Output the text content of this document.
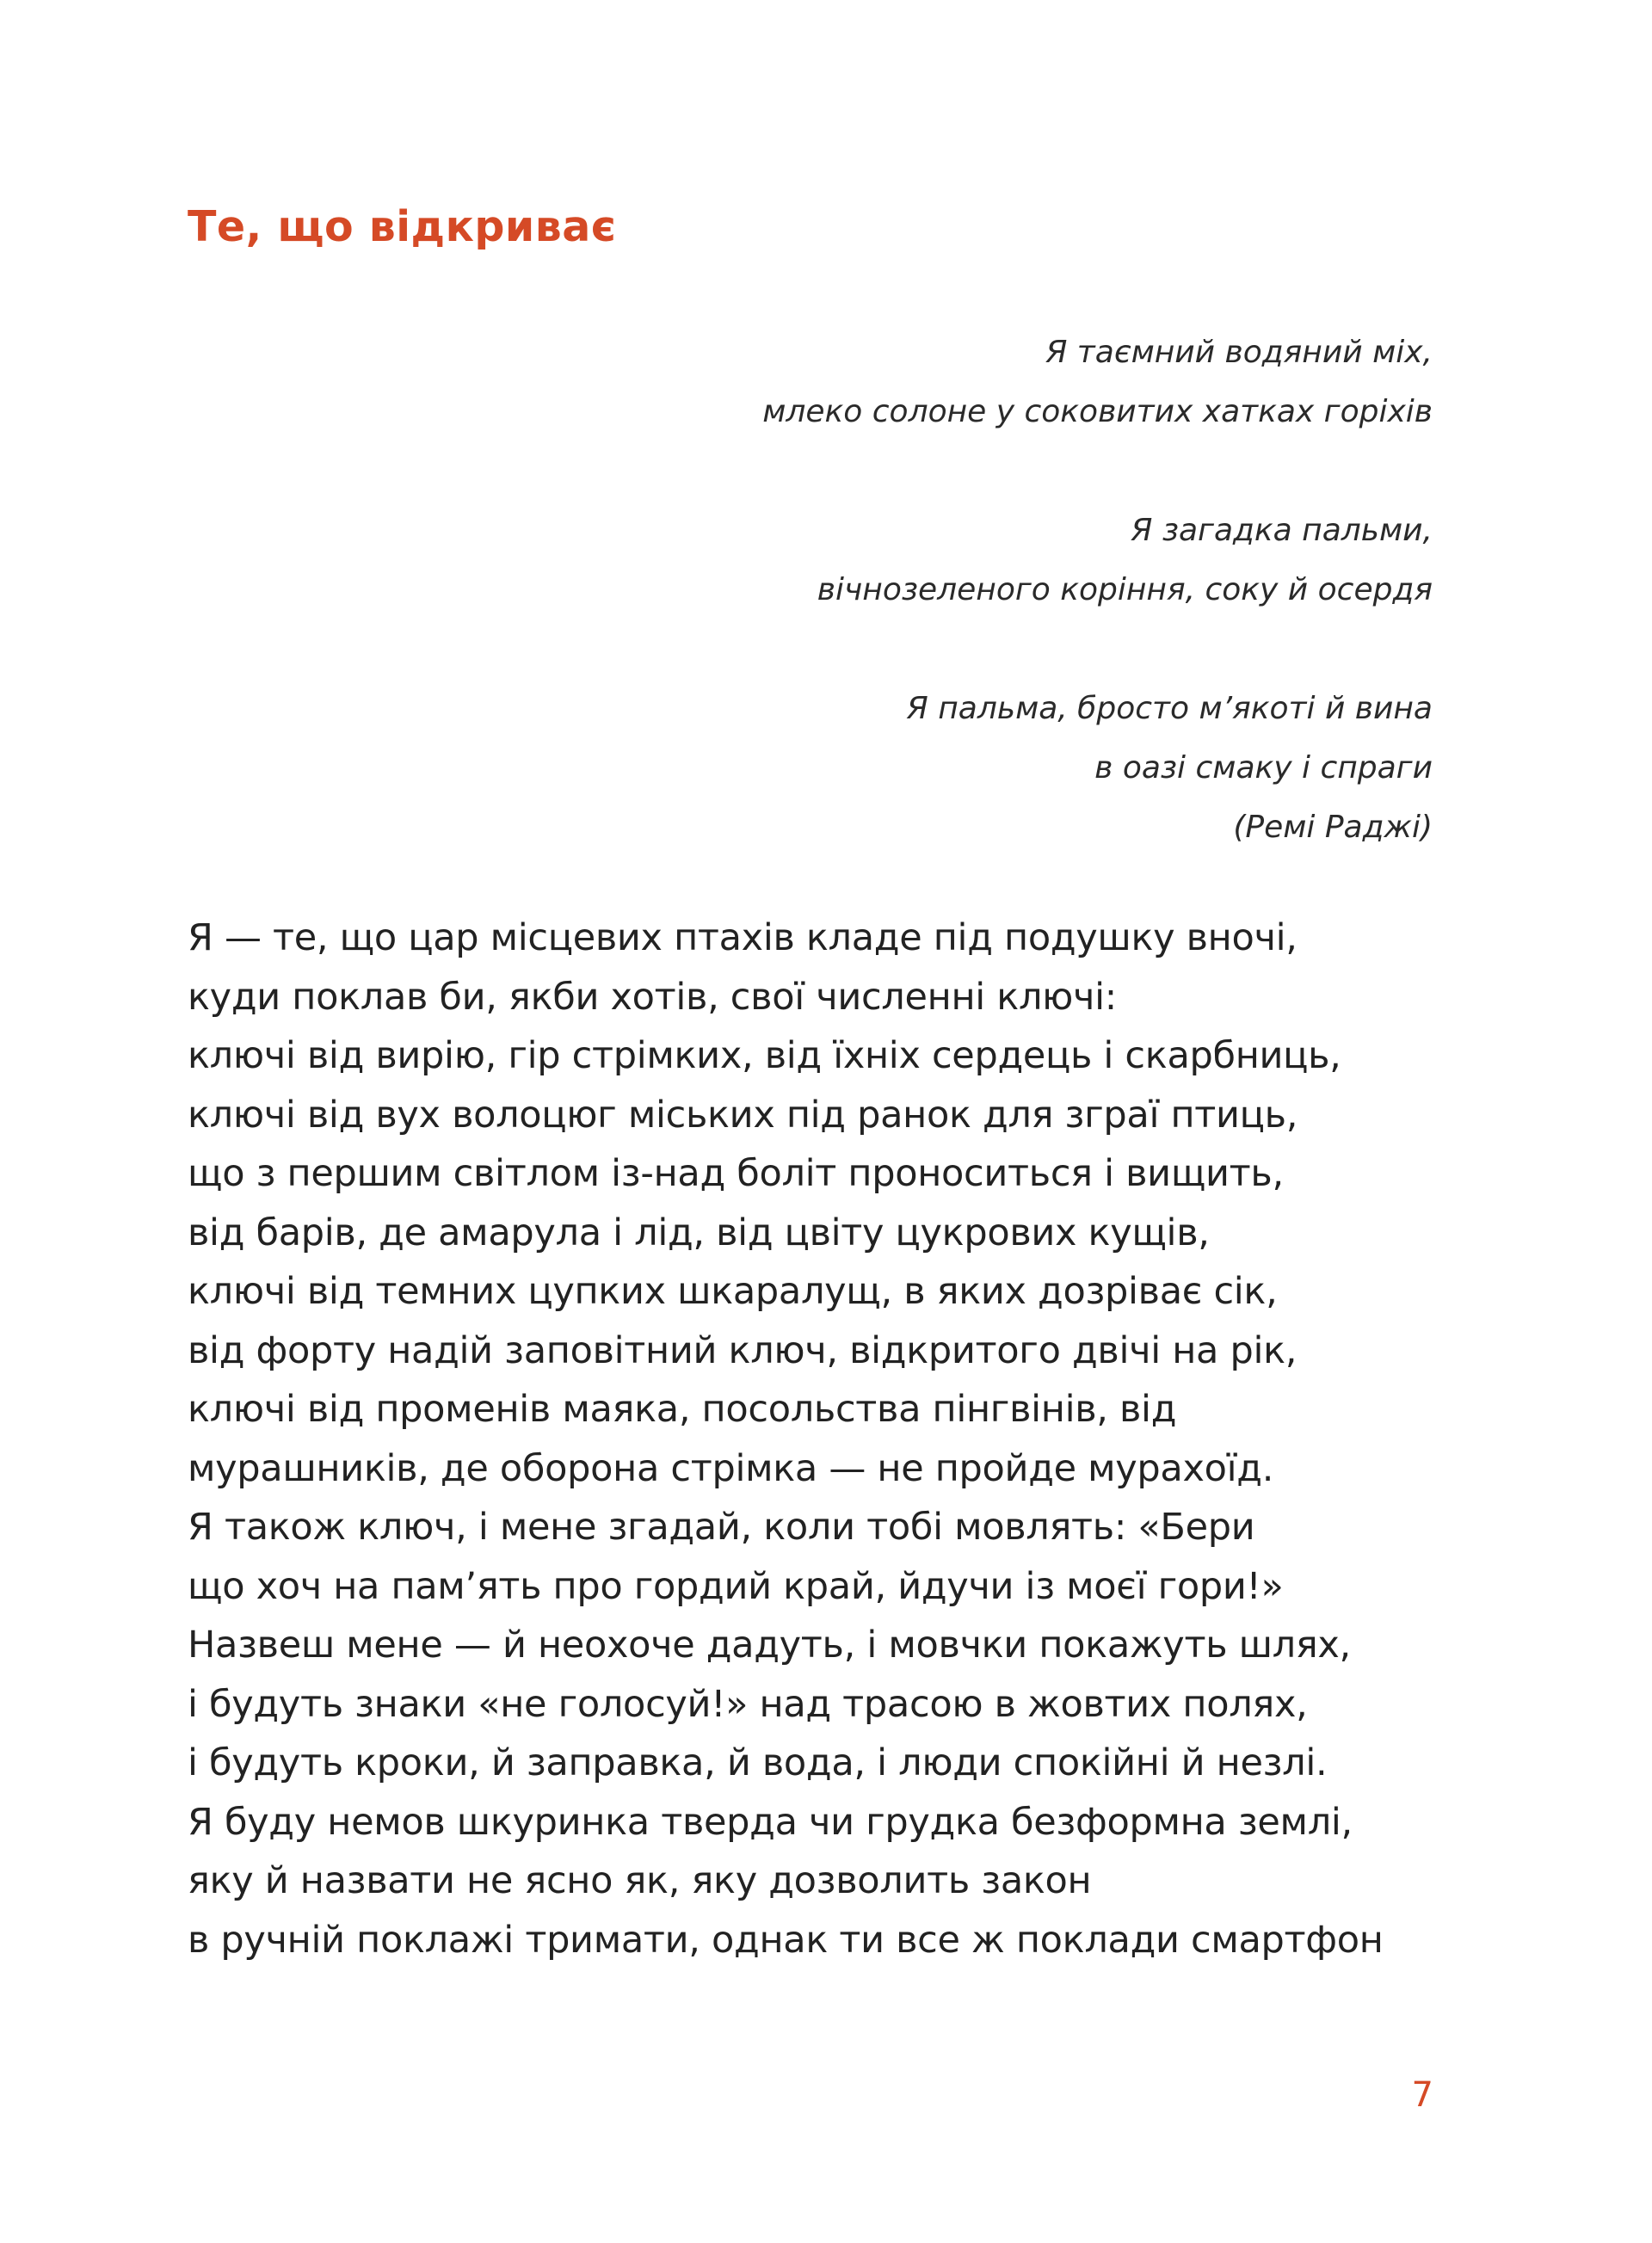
Те, що відкриває
Я таємний водяний міх,
млеко солоне у соковитих хатках горіхів
Я загадка пальми,
вічнозеленого коріння, соку й осердя
Я пальма, бросто м’якоті й вина
в оазі смаку і спраги
(Ремі Раджі)
Я — те, що цар місцевих птахів кладе під подушку вночі,
куди поклав би, якби хотів, свої численні ключі:
ключі від вирію, гір стрімких, від їхніх сердець і скарбниць,
ключі від вух волоцюг міських під ранок для зграї птиць,
що з першим світлом із-над боліт проноситься і вищить,
від барів, де амарула і лід, від цвіту цукрових кущів,
ключі від темних цупких шкаралущ, в яких дозріває сік,
від форту надій заповітний ключ, відкритого двічі на рік,
ключі від променів маяка, посольства пінгвінів, від
мурашників, де оборона стрімка — не пройде мурахоїд.
Я також ключ, і мене згадай, коли тобі мовлять: «Бери
що хоч на пам’ять про гордий край, йдучи із моєї гори!»
Назвеш мене — й неохоче дадуть, і мовчки покажуть шлях,
і будуть знаки «не голосуй!» над трасою в жовтих полях,
і будуть кроки, й заправка, й вода, і люди спокійні й незлі.
Я буду немов шкуринка тверда чи грудка безформна землі,
яку й назвати не ясно як, яку дозволить закон
в ручній поклажі тримати, однак ти все ж поклади смартфон
7
